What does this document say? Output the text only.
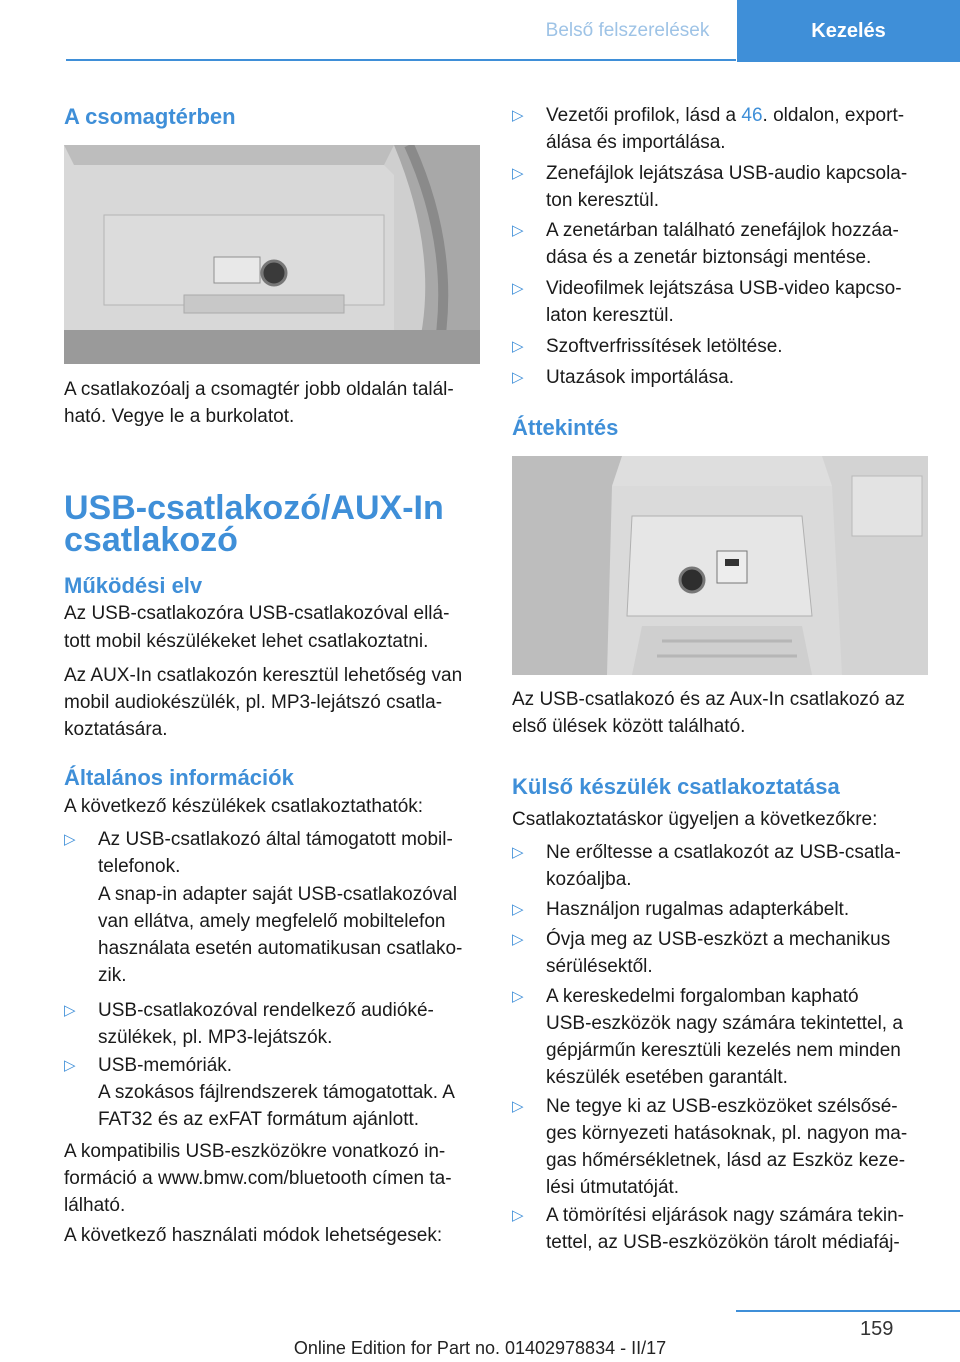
Belső felszerelések	Kezelés
A csomagtérben
A csatlakozóalj a csomagtér jobb oldalán talál-
ható. Vegye le a burkolatot.
USB-csatlakozó/AUX-In
csatlakozó
Működési elv
Az USB-csatlakozóra USB-csatlakozóval ellá-
tott mobil készülékeket lehet csatlakoztatni.
Az AUX-In csatlakozón keresztül lehetőség van
mobil audiokészülék, pl. MP3-lejátszó csatla-
koztatására.
Általános információk
A következő készülékek csatlakoztathatók:
▷ Az USB-csatlakozó által támogatott mobil-
telefonok.
A snap-in adapter saját USB-csatlakozóval
van ellátva, amely megfelelő mobiltelefon
használata esetén automatikusan csatlako-
zik.
▷ USB-csatlakozóval rendelkező audióké-
szülékek, pl. MP3-lejátszók.
▷ USB-memóriák.
A szokásos fájlrendszerek támogatottak. A
FAT32 és az exFAT formátum ajánlott.
A kompatibilis USB-eszközökre vonatkozó in-
formáció a www.bmw.com/bluetooth címen ta-
lálható.
A következő használati módok lehetségesek:
▷ Vezetői profilok, lásd a 46. oldalon, export-
álása és importálása.
▷ Zenefájlok lejátszása USB-audio kapcsola-
ton keresztül.
▷ A zenetárban található zenefájlok hozzáa-
dása és a zenetár biztonsági mentése.
▷ Videofilmek lejátszása USB-video kapcso-
laton keresztül.
▷ Szoftverfrissítések letöltése.
▷ Utazások importálása.
Áttekintés
Az USB-csatlakozó és az Aux-In csatlakozó az
első ülések között található.
Külső készülék csatlakoztatása
Csatlakoztatáskor ügyeljen a következőkre:
▷ Ne erőltesse a csatlakozót az USB-csatla-
kozóaljba.
▷ Használjon rugalmas adapterkábelt.
▷ Óvja meg az USB-eszközt a mechanikus
sérülésektől.
▷ A kereskedelmi forgalomban kapható
USB-eszközök nagy számára tekintettel, a
gépjárműn keresztüli kezelés nem minden
készülék esetében garantált.
▷ Ne tegye ki az USB-eszközöket szélsősé-
ges környezeti hatásoknak, pl. nagyon ma-
gas hőmérsékletnek, lásd az Eszköz keze-
lési útmutatóját.
▷ A tömörítési eljárások nagy számára tekin-
tettel, az USB-eszközökön tárolt médiafáj-
159
Online Edition for Part no. 01402978834 - II/17
